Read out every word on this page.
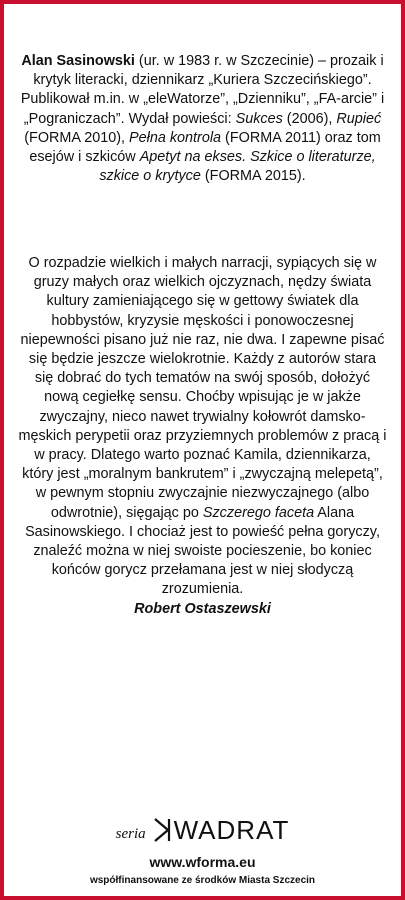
Alan Sasinowski (ur. w 1983 r. w Szczecinie) – prozaik i krytyk literacki, dziennikarz „Kuriera Szczecińskiego”. Publikował m.in. w „eleWatorze”, „Dzienniku”, „FA-arcie” i „Pograniczach”. Wydał powieści: Sukces (2006), Rupieć (FORMA 2010), Pełna kontrola (FORMA 2011) oraz tom esejów i szkiców Apetyt na ekses. Szkice o literaturze, szkice o krytyce (FORMA 2015).

O rozpadzie wielkich i małych narracji, sypiących się w gruzy małych oraz wielkich ojczyznach, nędzy świata kultury zamieniającego się w gettowy światek dla hobbystów, kryzysie męskości i ponowoczesnej niepewności pisano już nie raz, nie dwa. I zapewne pisać się będzie jeszcze wielokrotnie. Każdy z autorów stara się dobrać do tych tematów na swój sposób, dołożyć nową cegiełkę sensu. Choćby wpisując je w jakże zwyczajny, nieco nawet trywialny kołowrót damsko-męskich perypetii oraz przyziemnych problemów z pracą i w pracy. Dlatego warto poznać Kamila, dziennikarza, który jest „moralnym bankrutem” i „zwyczajną melepetą”, w pewnym stopniu zwyczajnie niezwyczajnego (albo odwrotnie), sięgając po Szczerego faceta Alana Sasinowskiego. I chociaż jest to powieść pełna goryczy, znaleźć można w niej swoiste pocieszenie, bo koniec końców gorycz przełamana jest w niej słodyczą zrozumienia.
Robert Ostaszewski

seria WADRAT
www.wforma.eu
współfinansowane ze środków Miasta Szczecin
